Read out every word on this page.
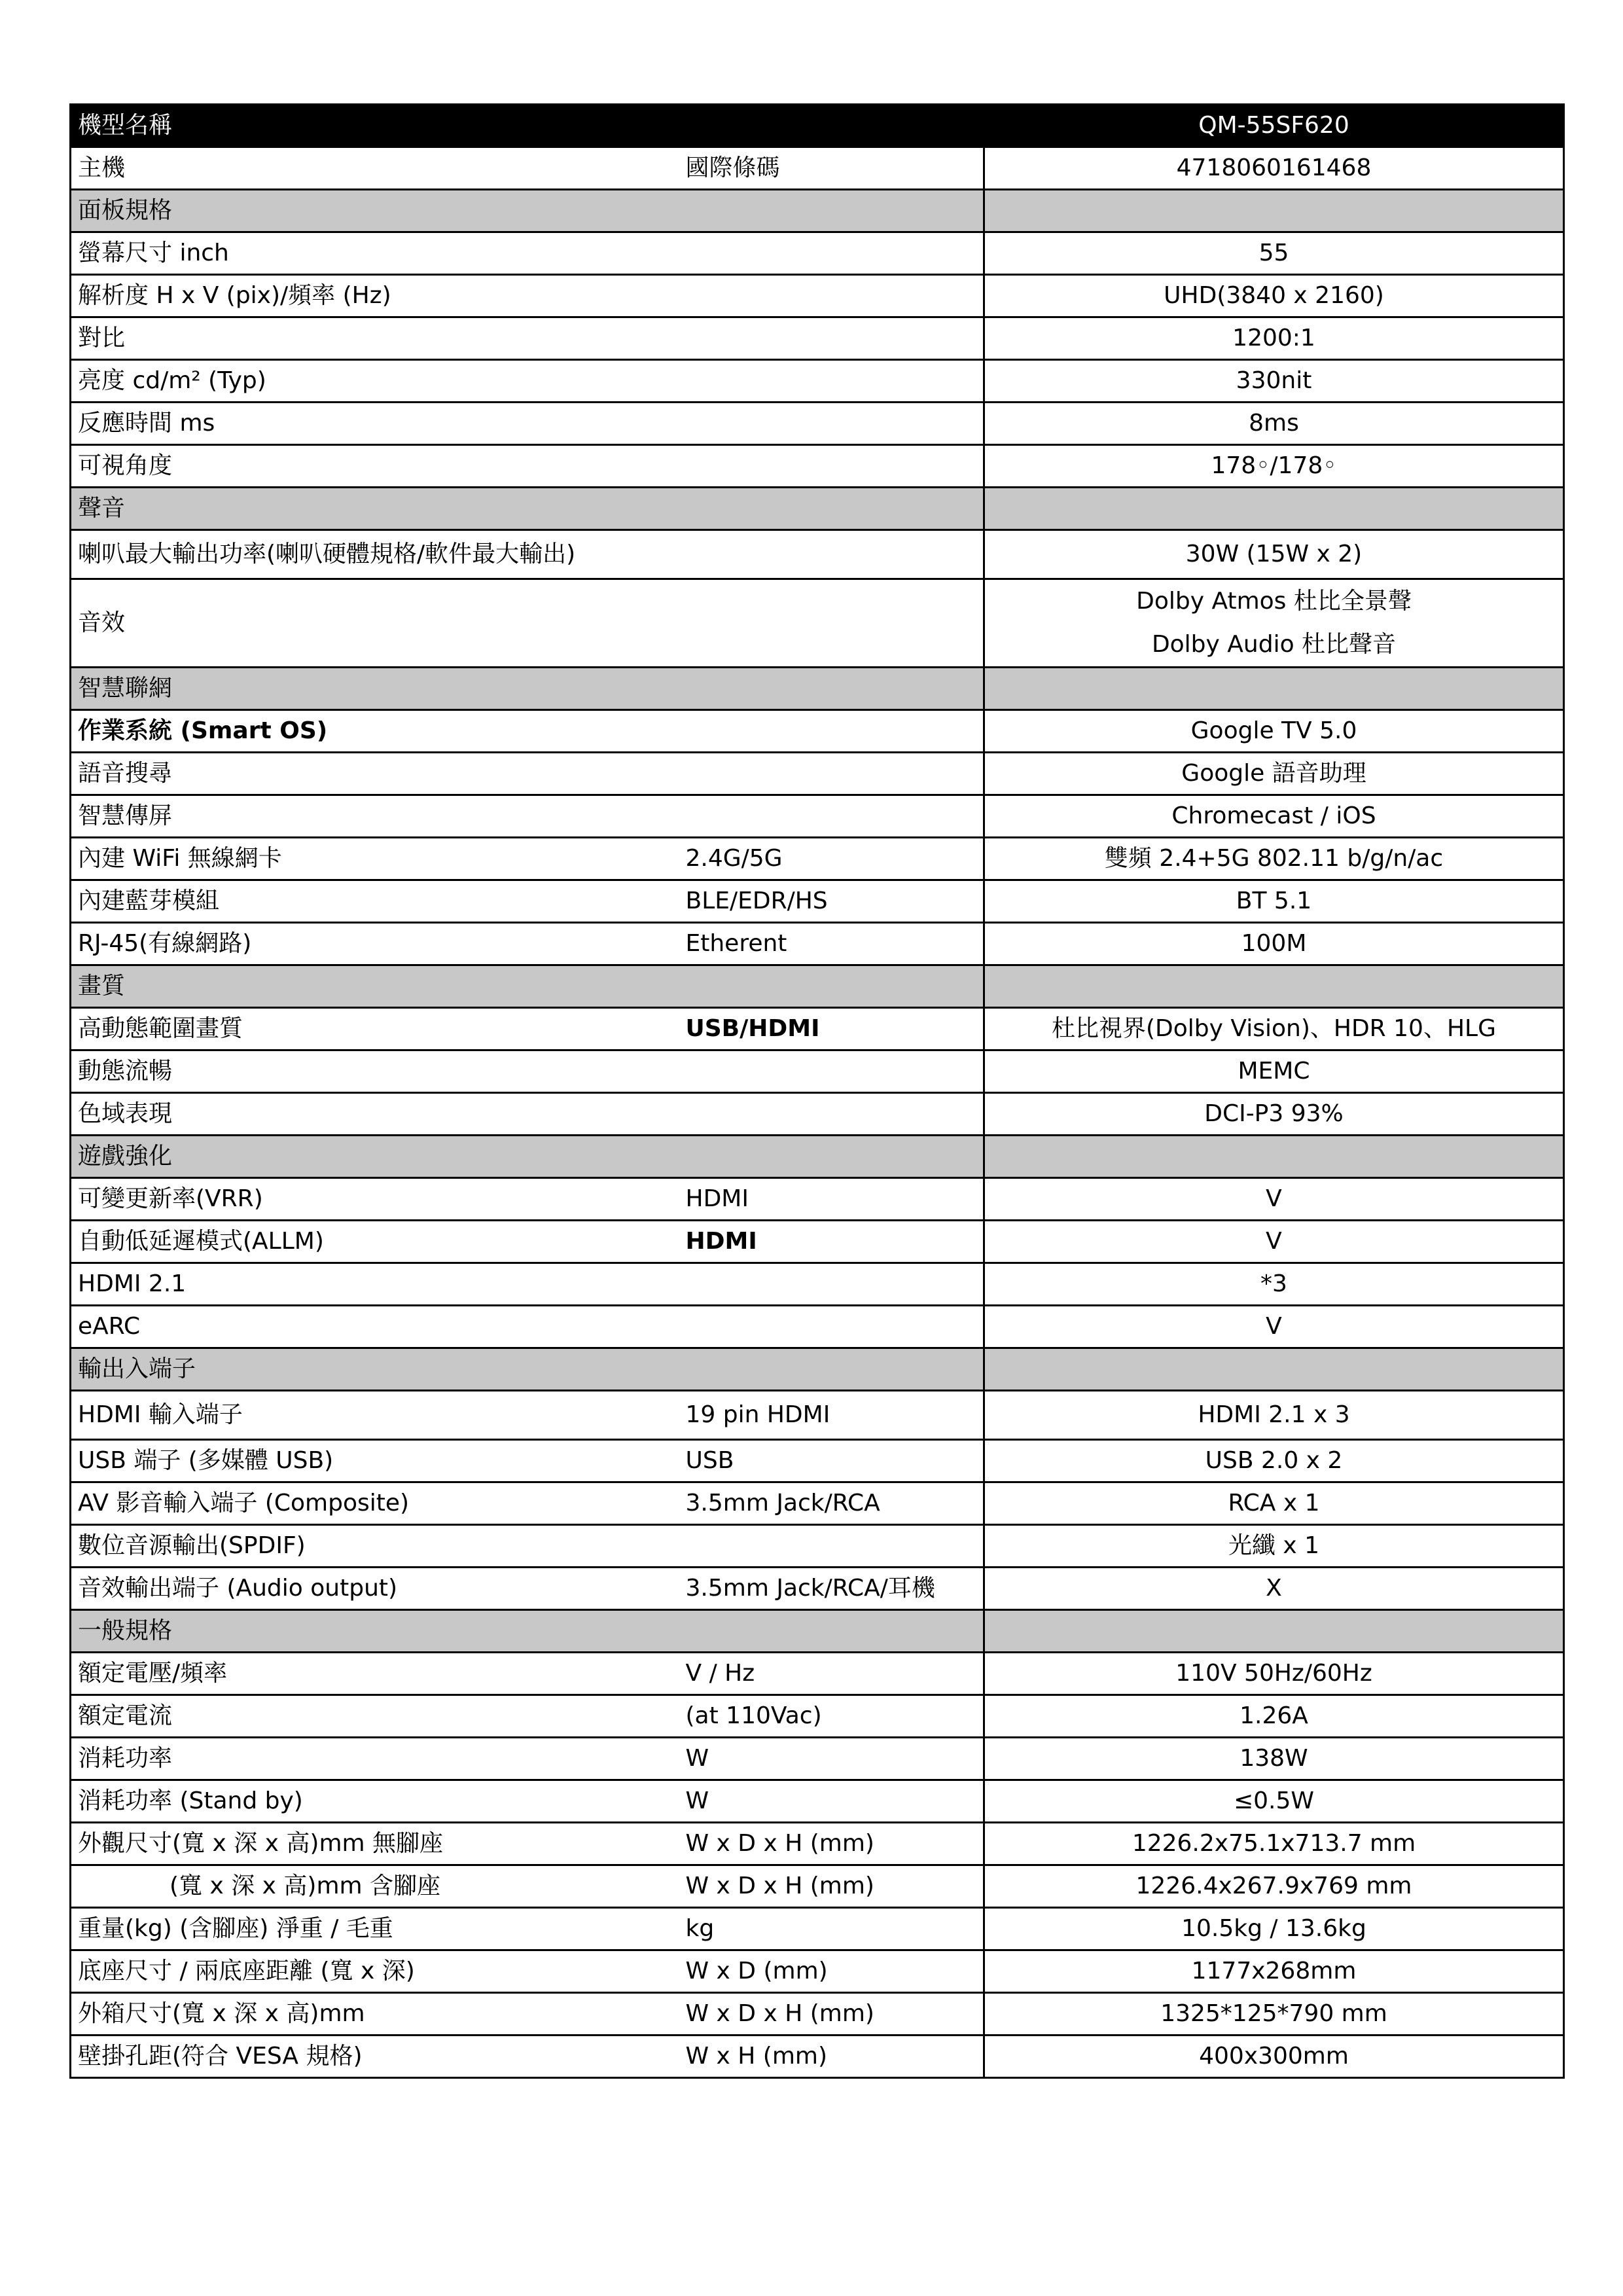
機型名稱		QM-55SF620
主機	國際條碼	4718060161468
面板規格		
螢幕尺寸 inch		55
解析度 H x V (pix)/頻率 (Hz)		UHD(3840 x 2160)
對比		1200:1
亮度 cd/m² (Typ)		330nit
反應時間 ms		8ms
可視角度		178◦/178◦
聲音		
喇叭最大輸出功率(喇叭硬體規格/軟件最大輸出)		30W (15W x 2)
音效		Dolby Atmos 杜比全景聲
Dolby Audio 杜比聲音

智慧聯網		
作業系統 (Smart OS)		Google TV 5.0
語音搜尋		Google 語音助理
智慧傳屏		Chromecast / iOS
內建 WiFi 無線網卡	2.4G/5G	雙頻 2.4+5G 802.11 b/g/n/ac
內建藍芽模組	BLE/EDR/HS	BT 5.1
RJ-45(有線網路)	Etherent	100M
畫質		
高動態範圍畫質	USB/HDMI	杜比視界(Dolby Vision)、HDR 10、HLG
動態流暢		MEMC
色域表現		DCI-P3 93%
遊戲強化		
可變更新率(VRR)	HDMI	V
自動低延遲模式(ALLM)	HDMI	V
HDMI 2.1		*3
eARC		V
輸出入端子		
HDMI 輸入端子	19 pin HDMI	HDMI 2.1 x 3
USB 端子 (多媒體 USB)	USB	USB 2.0 x 2
AV 影音輸入端子 (Composite)	3.5mm Jack/RCA	RCA x 1
數位音源輸出(SPDIF)		光纖 x 1
音效輸出端子 (Audio output)	3.5mm Jack/RCA/耳機	X
一般規格		
額定電壓/頻率	V / Hz	110V 50Hz/60Hz
額定電流	(at 110Vac)	1.26A
消耗功率	W	138W
消耗功率 (Stand by)	W	≤0.5W
外觀尺寸(寬 x 深 x 高)mm 無腳座	W x D x H (mm)	1226.2x75.1x713.7 mm
(寬 x 深 x 高)mm 含腳座	W x D x H (mm)	1226.4x267.9x769 mm
重量(kg) (含腳座) 淨重 / 毛重	kg	10.5kg / 13.6kg
底座尺寸 / 兩底座距離 (寬 x 深)	W x D (mm)	1177x268mm
外箱尺寸(寬 x 深 x 高)mm	W x D x H (mm)	1325*125*790 mm
壁掛孔距(符合 VESA 規格)	W x H (mm)	400x300mm
